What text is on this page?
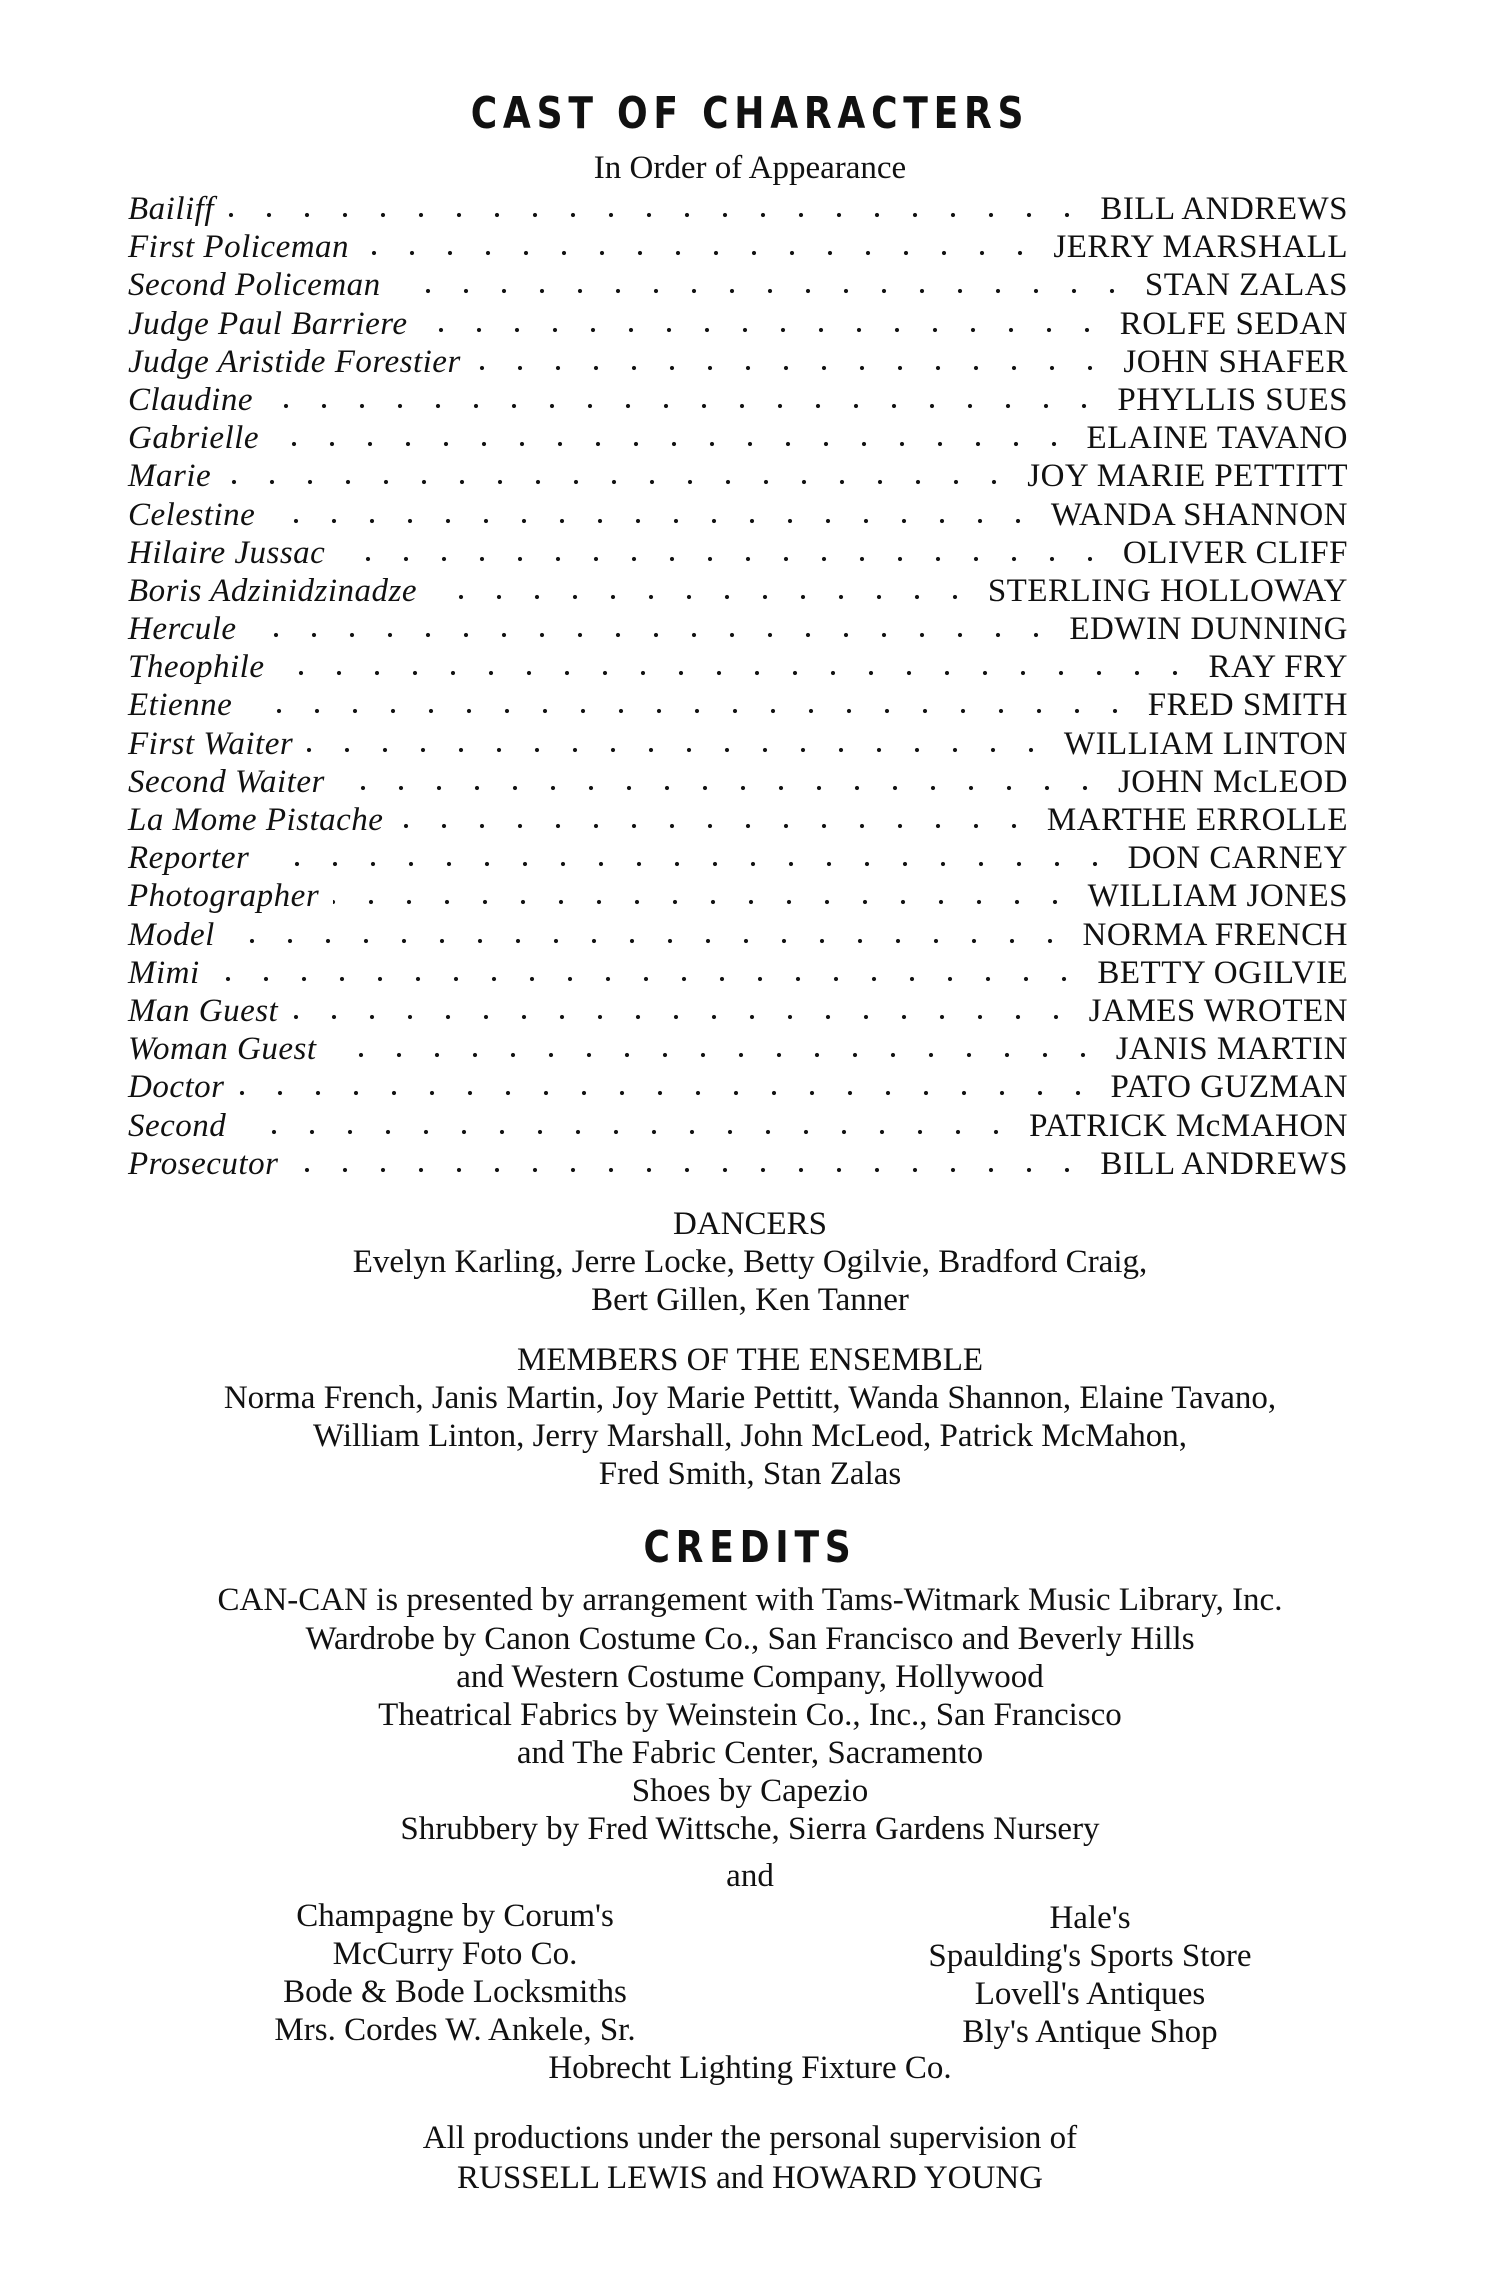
CAST OF CHARACTERS
In Order of Appearance
Bailiff	BILL ANDREWS
First Policeman	JERRY MARSHALL
Second Policeman	STAN ZALAS
Judge Paul Barriere	ROLFE SEDAN
Judge Aristide Forestier	JOHN SHAFER
Claudine	PHYLLIS SUES
Gabrielle	ELAINE TAVANO
Marie	JOY MARIE PETTITT
Celestine	WANDA SHANNON
Hilaire Jussac	OLIVER CLIFF
Boris Adzinidzinadze	STERLING HOLLOWAY
Hercule	EDWIN DUNNING
Theophile	RAY FRY
Etienne	FRED SMITH
First Waiter	WILLIAM LINTON
Second Waiter	JOHN McLEOD
La Mome Pistache	MARTHE ERROLLE
Reporter	DON CARNEY
Photographer	WILLIAM JONES
Model	NORMA FRENCH
Mimi	BETTY OGILVIE
Man Guest	JAMES WROTEN
Woman Guest	JANIS MARTIN
Doctor	PATO GUZMAN
Second	PATRICK McMAHON
Prosecutor	BILL ANDREWS
DANCERS
Evelyn Karling, Jerre Locke, Betty Ogilvie, Bradford Craig,
Bert Gillen, Ken Tanner
MEMBERS OF THE ENSEMBLE
Norma French, Janis Martin, Joy Marie Pettitt, Wanda Shannon, Elaine Tavano,
William Linton, Jerry Marshall, John McLeod, Patrick McMahon,
Fred Smith, Stan Zalas
CREDITS
CAN-CAN is presented by arrangement with Tams-Witmark Music Library, Inc.
Wardrobe by Canon Costume Co., San Francisco and Beverly Hills
and Western Costume Company, Hollywood
Theatrical Fabrics by Weinstein Co., Inc., San Francisco
and The Fabric Center, Sacramento
Shoes by Capezio
Shrubbery by Fred Wittsche, Sierra Gardens Nursery
and
Champagne by Corum's
McCurry Foto Co.
Bode & Bode Locksmiths
Mrs. Cordes W. Ankele, Sr.
Hale's
Spaulding's Sports Store
Lovell's Antiques
Bly's Antique Shop
Hobrecht Lighting Fixture Co.
All productions under the personal supervision of
RUSSELL LEWIS and HOWARD YOUNG
